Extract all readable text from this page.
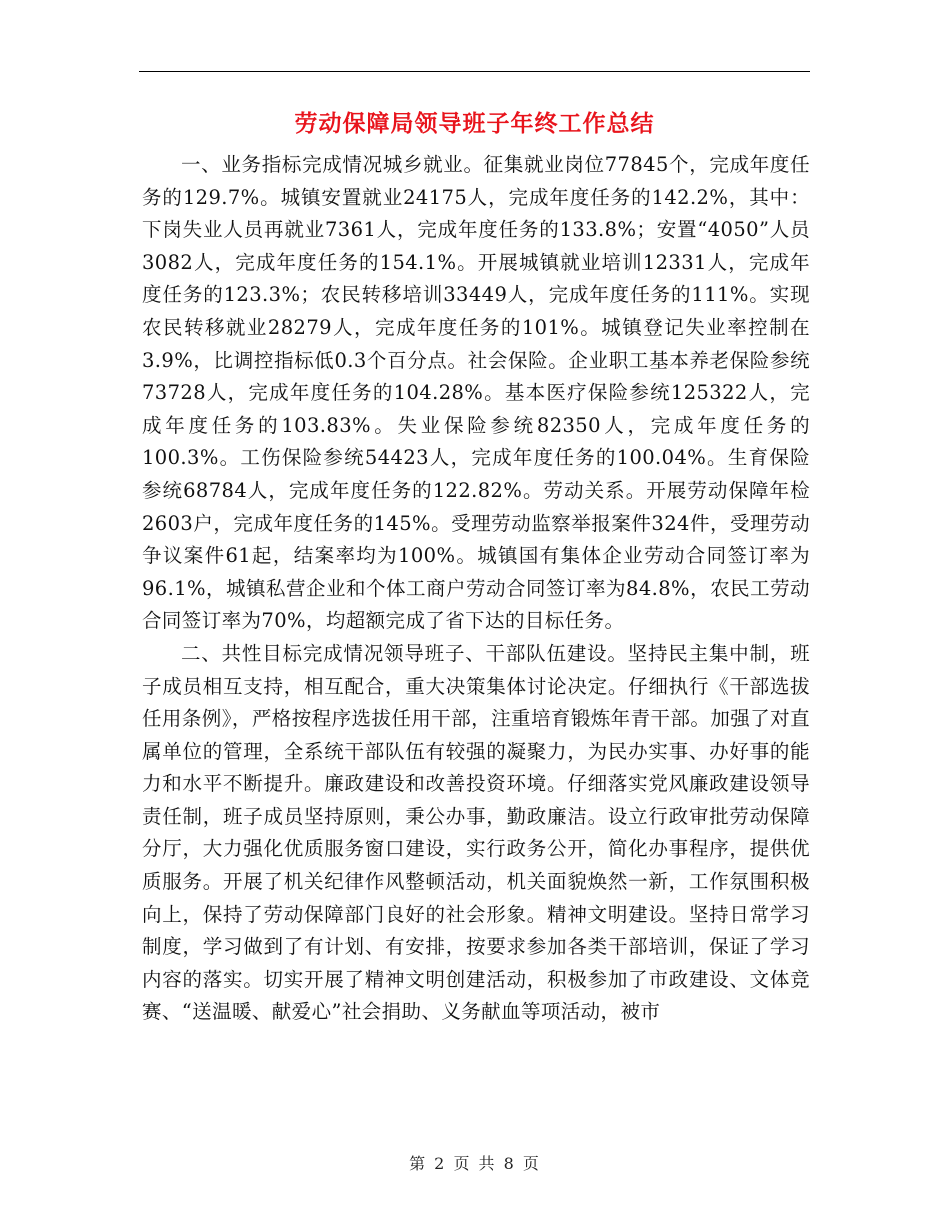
劳动保障局领导班子年终工作总结

一、业务指标完成情况城乡就业。征集就业岗位77845个，完成年度任务的129.7%。城镇安置就业24175人，完成年度任务的142.2%，其中：下岗失业人员再就业7361人，完成年度任务的133.8%；安置“4050”人员3082人，完成年度任务的154.1%。开展城镇就业培训12331人，完成年度任务的123.3%；农民转移培训33449人，完成年度任务的111%。实现农民转移就业28279人，完成年度任务的101%。城镇登记失业率控制在3.9%，比调控指标低0.3个百分点。社会保险。企业职工基本养老保险参统73728人，完成年度任务的104.28%。基本医疗保险参统125322人，完成年度任务的103.83%。失业保险参统82350人，完成年度任务的100.3%。工伤保险参统54423人，完成年度任务的100.04%。生育保险参统68784人，完成年度任务的122.82%。劳动关系。开展劳动保障年检2603户，完成年度任务的145%。受理劳动监察举报案件324件，受理劳动争议案件61起，结案率均为100%。城镇国有集体企业劳动合同签订率为96.1%，城镇私营企业和个体工商户劳动合同签订率为84.8%，农民工劳动合同签订率为70%，均超额完成了省下达的目标任务。

二、共性目标完成情况领导班子、干部队伍建设。坚持民主集中制，班子成员相互支持，相互配合，重大决策集体讨论决定。仔细执行《干部选拔任用条例》，严格按程序选拔任用干部，注重培育锻炼年青干部。加强了对直属单位的管理，全系统干部队伍有较强的凝聚力，为民办实事、办好事的能力和水平不断提升。廉政建设和改善投资环境。仔细落实党风廉政建设领导责任制，班子成员坚持原则，秉公办事，勤政廉洁。设立行政审批劳动保障分厅，大力强化优质服务窗口建设，实行政务公开，简化办事程序，提供优质服务。开展了机关纪律作风整顿活动，机关面貌焕然一新，工作氛围积极向上，保持了劳动保障部门良好的社会形象。精神文明建设。坚持日常学习制度，学习做到了有计划、有安排，按要求参加各类干部培训，保证了学习内容的落实。切实开展了精神文明创建活动，积极参加了市政建设、文体竞赛、“送温暖、献爱心”社会捐助、义务献血等项活动，被市

第 2 页 共 8 页
